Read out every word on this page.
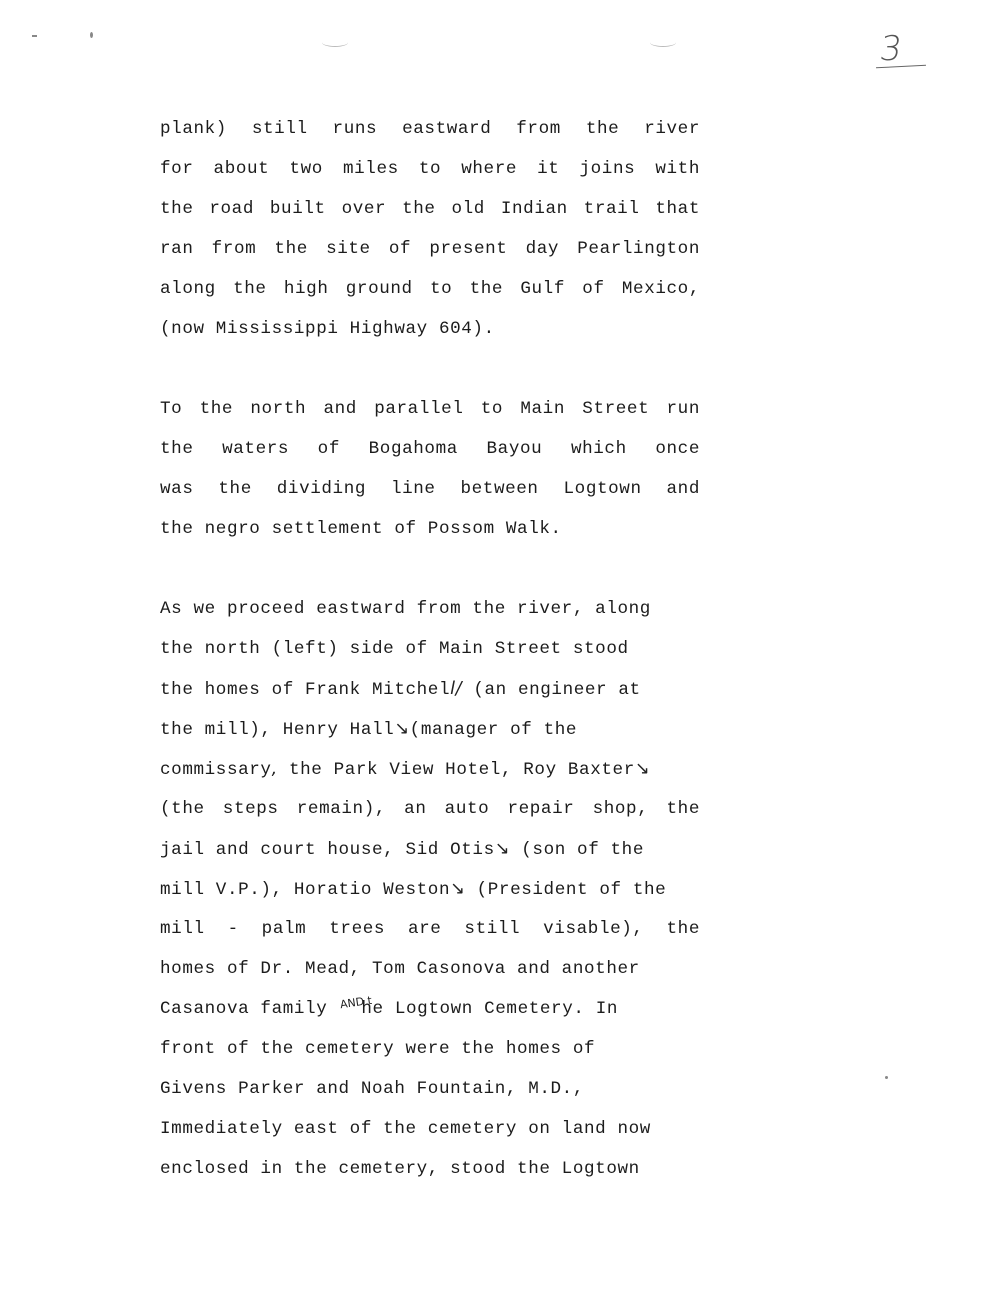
3
plank) still runs eastward from the river
for about two miles to where it joins with
the road built over the old Indian trail that
ran from the site of present day Pearlington
along the high ground to the Gulf of Mexico,
(now Mississippi Highway 604).
To the north and parallel to Main Street run
the waters of Bogahoma Bayou which once
was the dividing line between Logtown and
the negro settlement of Possom Walk.
As we proceed eastward from the river, along
the north (left) side of Main Street stood
the homes of Frank Mitchell/ (an engineer at
the mill), Henry Hall↘(manager of the
commissary, the Park View Hotel, Roy Baxter↘
(the steps remain), an auto repair shop, the
jail and court house, Sid Otis↘ (son of the
mill V.P.), Horatio Weston↘ (President of the
mill - palm trees are still visable), the
homes of Dr. Mead, Tom Casonova and another
Casanova family AND t
he Logtown Cemetery. In
front of the cemetery were the homes of
Givens Parker and Noah Fountain, M.D.,
Immediately east of the cemetery on land now
enclosed in the cemetery, stood the Logtown
